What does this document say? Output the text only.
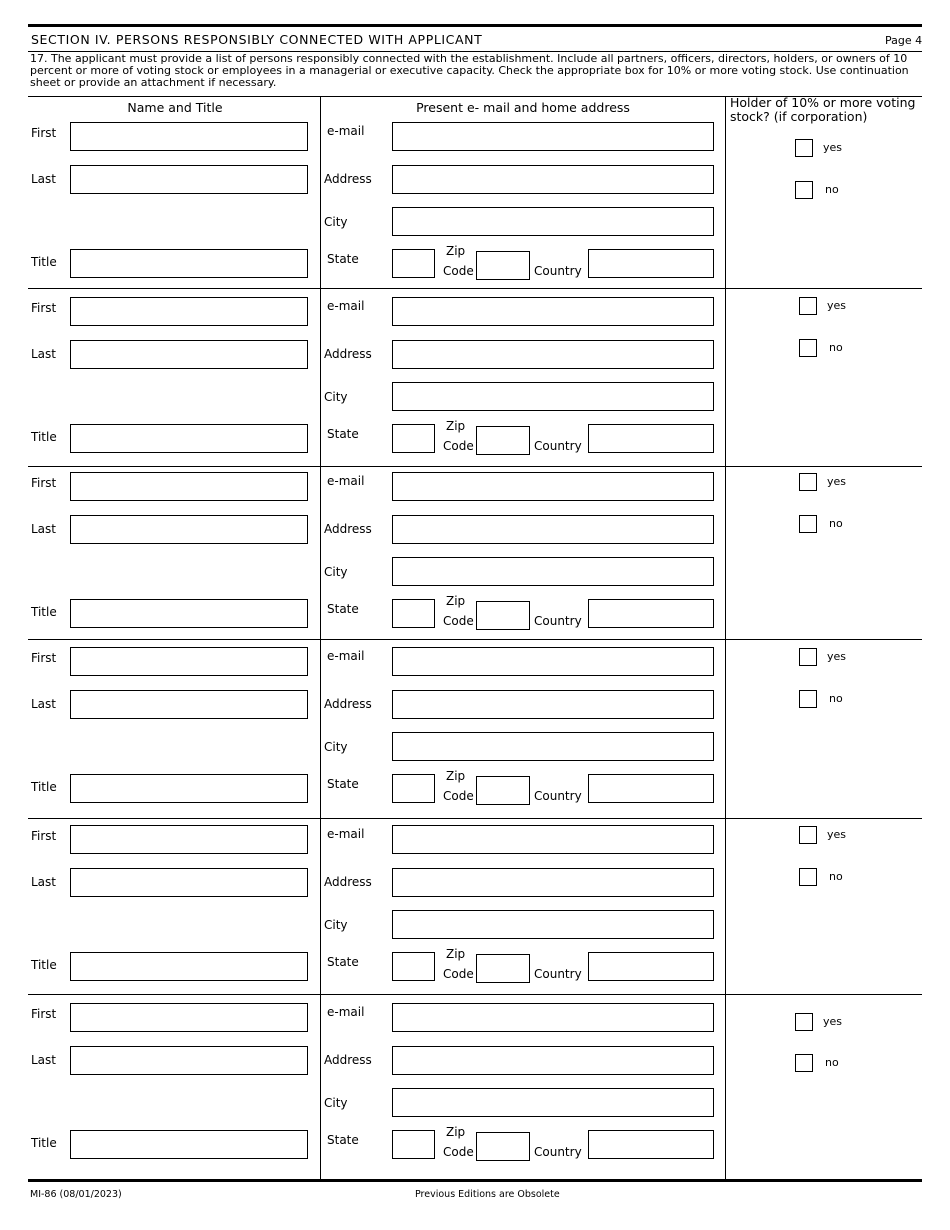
SECTION IV. PERSONS RESPONSIBLY CONNECTED WITH APPLICANT	Page 4
17. The applicant must provide a list of persons responsibly connected with the establishment. Include all partners, officers, directors, holders, or owners of 10 percent or more of voting stock or employees in a managerial or executive capacity. Check the appropriate box for 10% or more voting stock. Use continuation sheet or provide an attachment if necessary.
Name and Title	Present e- mail and home address	Holder of 10% or more voting stock? (if corporation)
First
Last
Title
e-mail
Address
City
State
Zip
Code	Country
yes
no
First
Last
Title
e-mail
Address
City
State
Zip
Code	Country
yes
no
First
Last
Title
e-mail
Address
City
State
Zip
Code	Country
yes
no
First
Last
Title
e-mail
Address
City
State
Zip
Code	Country
yes
no
First
Last
Title
e-mail
Address
City
State
Zip
Code	Country
yes
no
First
Last
Title
e-mail
Address
City
State
Zip
Code	Country
yes
no
MI-86 (08/01/2023)	Previous Editions are Obsolete
